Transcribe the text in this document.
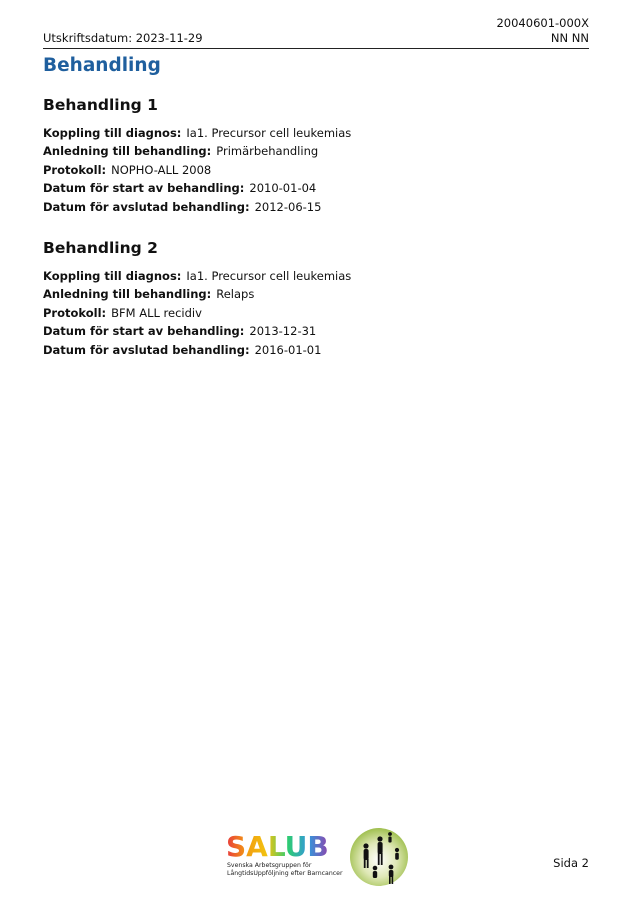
Utskriftsdatum: 2023-11-29
20040601-000X
NN NN
Behandling
Behandling 1
Koppling till diagnos: Ia1. Precursor cell leukemias
Anledning till behandling: Primärbehandling
Protokoll: NOPHO-ALL 2008
Datum för start av behandling: 2010-01-04
Datum för avslutad behandling: 2012-06-15
Behandling 2
Koppling till diagnos: Ia1. Precursor cell leukemias
Anledning till behandling: Relaps
Protokoll: BFM ALL recidiv
Datum för start av behandling: 2013-12-31
Datum för avslutad behandling: 2016-01-01
SALUB
Svenska Arbetsgruppen för
LångtidsUppföljning efter Barncancer
Sida 2
